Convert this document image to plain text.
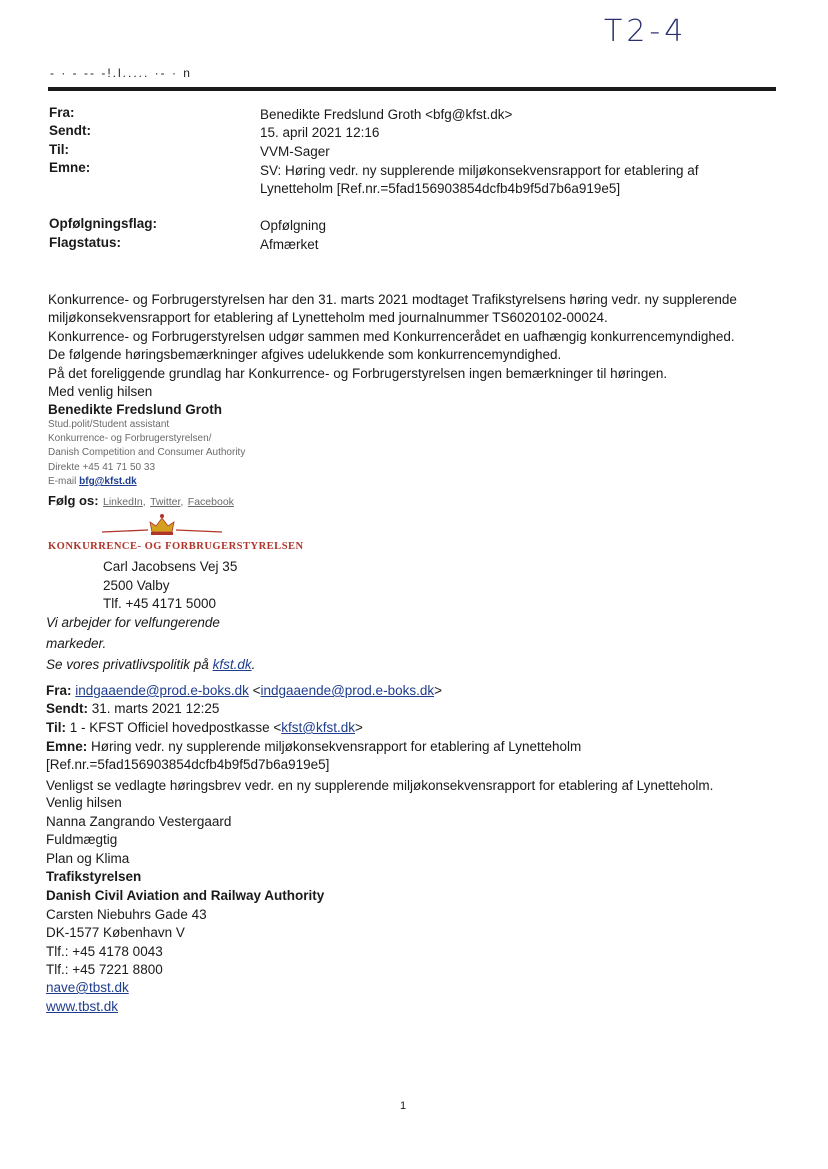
T2-4
- · - -- -!.l..... ·- · n
Fra:	Benedikte Fredslund Groth <bfg@kfst.dk>
Sendt:	15. april 2021 12:16
Til:	VVM-Sager
Emne:	SV: Høring vedr. ny supplerende miljøkonsekvensrapport for etablering af
Lynetteholm [Ref.nr.=5fad156903854dcfb4b9f5d7b6a919e5]
Opfølgningsflag:	Opfølgning
Flagstatus:	Afmærket
Konkurrence- og Forbrugerstyrelsen har den 31. marts 2021 modtaget Trafikstyrelsens høring vedr. ny supplerende
miljøkonsekvensrapport for etablering af Lynetteholm med journalnummer TS6020102-00024.
Konkurrence- og Forbrugerstyrelsen udgør sammen med Konkurrencerådet en uafhængig konkurrencemyndighed.
De følgende høringsbemærkninger afgives udelukkende som konkurrencemyndighed.
På det foreliggende grundlag har Konkurrence- og Forbrugerstyrelsen ingen bemærkninger til høringen.
Med venlig hilsen
Benedikte Fredslund Groth
Stud.polit/Student assistant
Konkurrence- og Forbrugerstyrelsen/
Danish Competition and Consumer Authority
Direkte +45 41 71 50 33
E-mail bfg@kfst.dk
Følg os: LinkedIn, Twitter, Facebook
KONKURRENCE- OG FORBRUGERSTYRELSEN
Carl Jacobsens Vej 35
2500 Valby
Tlf. +45 4171 5000
Vi arbejder for velfungerende
markeder.
Se vores privatlivspolitik på kfst.dk.
Fra: indgaaende@prod.e-boks.dk <indgaaende@prod.e-boks.dk>
Sendt: 31. marts 2021 12:25
Til: 1 - KFST Officiel hovedpostkasse <kfst@kfst.dk>
Emne: Høring vedr. ny supplerende miljøkonsekvensrapport for etablering af Lynetteholm
[Ref.nr.=5fad156903854dcfb4b9f5d7b6a919e5]
Venligst se vedlagte høringsbrev vedr. en ny supplerende miljøkonsekvensrapport for etablering af Lynetteholm.
Venlig hilsen
Nanna Zangrando Vestergaard
Fuldmægtig
Plan og Klima
Trafikstyrelsen
Danish Civil Aviation and Railway Authority
Carsten Niebuhrs Gade 43
DK-1577 København V
Tlf.: +45 4178 0043
Tlf.: +45 7221 8800
nave@tbst.dk
www.tbst.dk
1
